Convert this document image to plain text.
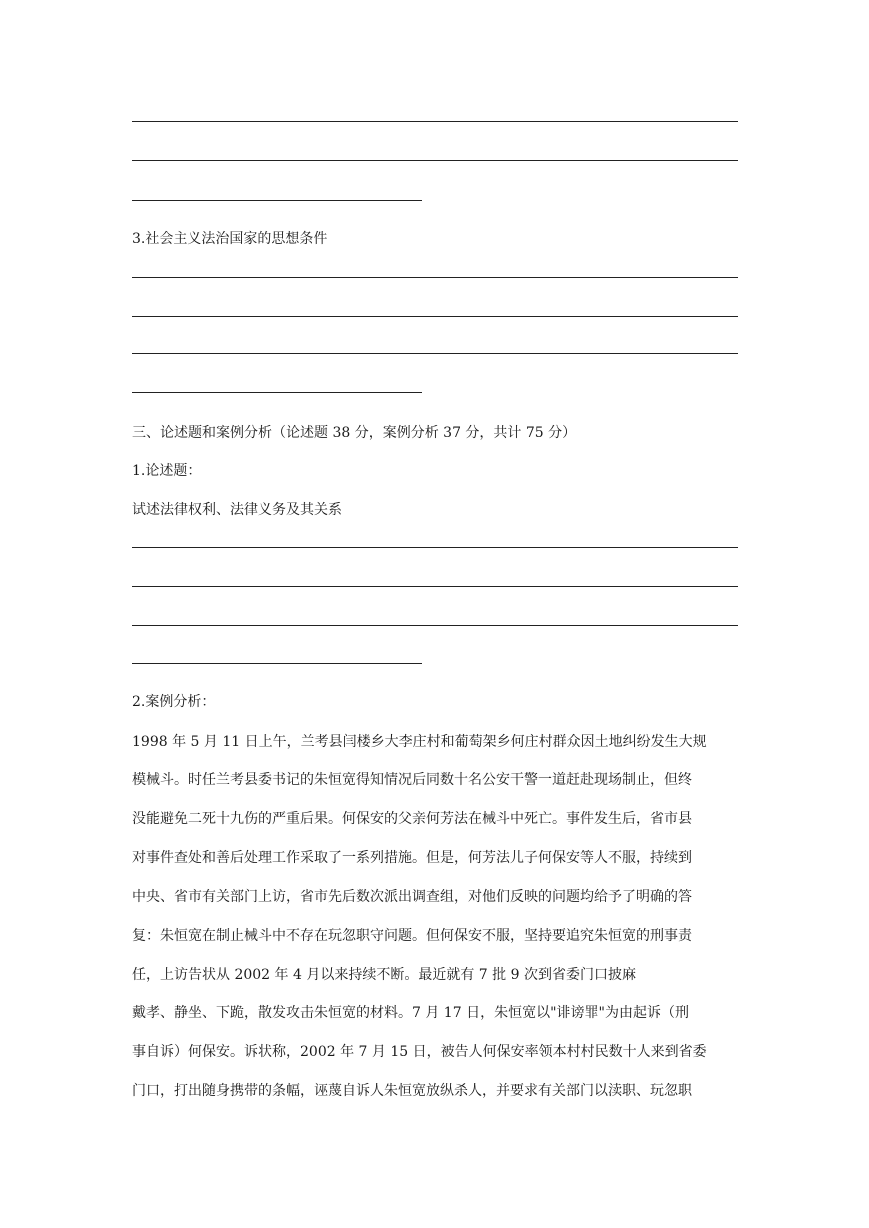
3.社会主义法治国家的思想条件
三、论述题和案例分析（论述题 38 分，案例分析 37 分，共计 75 分）
1.论述题：
试述法律权利、法律义务及其关系
2.案例分析：
1998 年 5 月 11 日上午，兰考县闫楼乡大李庄村和葡萄架乡何庄村群众因土地纠纷发生大规
模械斗。时任兰考县委书记的朱恒宽得知情况后同数十名公安干警一道赶赴现场制止，但终
没能避免二死十九伤的严重后果。何保安的父亲何芳法在械斗中死亡。事件发生后，省市县
对事件查处和善后处理工作采取了一系列措施。但是，何芳法儿子何保安等人不服，持续到
中央、省市有关部门上访，省市先后数次派出调查组，对他们反映的问题均给予了明确的答
复：朱恒宽在制止械斗中不存在玩忽职守问题。但何保安不服，坚持要追究朱恒宽的刑事责
任，上访告状从 2002 年 4 月以来持续不断。最近就有 7 批 9 次到省委门口披麻
戴孝、静坐、下跪，散发攻击朱恒宽的材料。7 月 17 日，朱恒宽以"诽谤罪"为由起诉（刑
事自诉）何保安。诉状称，2002 年 7 月 15 日，被告人何保安率领本村村民数十人来到省委
门口，打出随身携带的条幅，诬蔑自诉人朱恒宽放纵杀人，并要求有关部门以渎职、玩忽职
